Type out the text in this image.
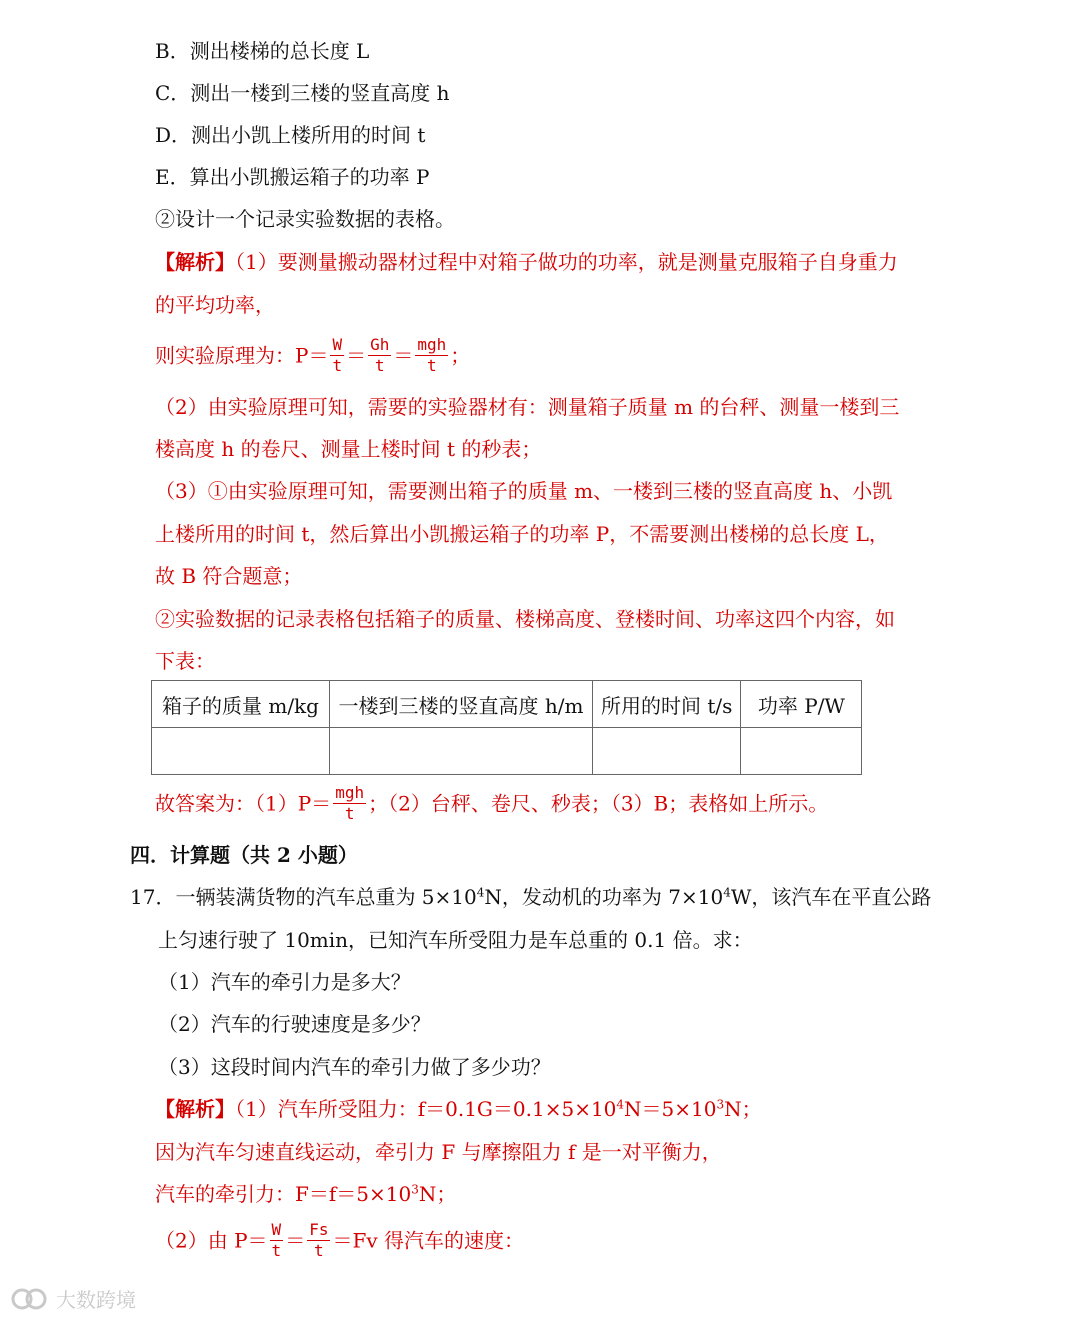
B．测出楼梯的总长度 L
C．测出一楼到三楼的竖直高度 h
D．测出小凯上楼所用的时间 t
E．算出小凯搬运箱子的功率 P
②设计一个记录实验数据的表格。
【解析】（1）要测量搬动器材过程中对箱子做功的功率，就是测量克服箱子自身重力
的平均功率，
则实验原理为：$P= \frac{W}{t} = \frac{Gh}{t} = \frac{\text{mgh}}{t}$ ；
（2）由实验原理可知，需要的实验器材有：测量箱子质量 m 的台秤、测量一楼到三
楼高度 h 的卷尺、测量上楼时间 t 的秒表；
（3）①由实验原理可知，需要测出箱子的质量 m、一楼到三楼的竖直高度 h、小凯
上楼所用的时间 t，然后算出小凯搬运箱子的功率 P，不需要测出楼梯的总长度 L，
故 B 符合题意；
②实验数据的记录表格包括箱子的质量、楼梯高度、登楼时间、功率这四个内容，如
下表：
箱子的质量 m/kg	一楼到三楼的竖直高度 h/m	所用的时间 t/s	功率 P/W

故答案为：$(1)P= \frac{\text{mgh}}{t}$ ；（2）台秤、卷尺、秒表；（3）B；表格如上所示。
四．计算题（共 2 小题）
17．一辆装满货物的汽车总重为 $5\times 10^4N$，发动机的功率为 $7\times 10^4W$，该汽车在平直公路
上匀速行驶了 10min，已知汽车所受阻力是车总重的 0.1 倍。求：
（1）汽车的牵引力是多大？
（2）汽车的行驶速度是多少？
（3）这段时间内汽车的牵引力做了多少功？
【解析】（1）汽车所受阻力：$f=0.1G=0.1\times 5\times 10^4N=5\times 10^3N$；
因为汽车匀速直线运动，牵引力 F 与摩擦阻力 f 是一对平衡力，
汽车的牵引力：$F=f=5\times 10^3N$；
（2）由 $P= \frac{W}{t} = \frac{Fs}{t} =Fv$ 得汽车的速度：
大数跨境
